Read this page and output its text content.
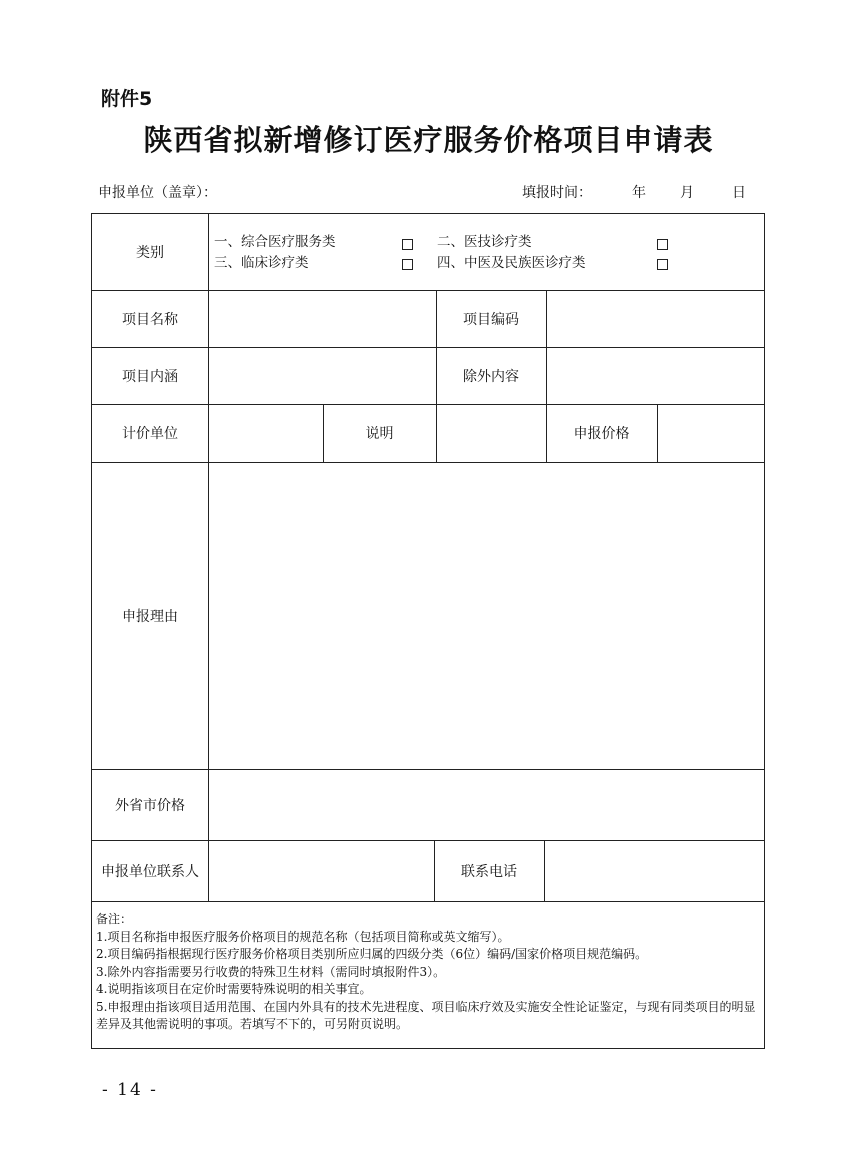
附件5
陕西省拟新增修订医疗服务价格项目申请表
申报单位（盖章）：	填报时间：	年 月	日
类别
一、综合医疗服务类	二、医技诊疗类
三、临床诊疗类	四、中医及民族医诊疗类
项目名称	项目编码
项目内涵	除外内容
计价单位	说明	申报价格
申报理由
外省市价格
申报单位联系人	联系电话
备注：
1.项目名称指申报医疗服务价格项目的规范名称（包括项目简称或英文缩写）。
2.项目编码指根据现行医疗服务价格项目类别所应归属的四级分类（6位）编码/国家价格项目规范编码。
3.除外内容指需要另行收费的特殊卫生材料（需同时填报附件3）。
4.说明指该项目在定价时需要特殊说明的相关事宜。
5.申报理由指该项目适用范围、在国内外具有的技术先进程度、项目临床疗效及实施安全性论证鉴定，与现有同类项目的明显差异及其他需说明的事项。若填写不下的，可另附页说明。
- 14 -
